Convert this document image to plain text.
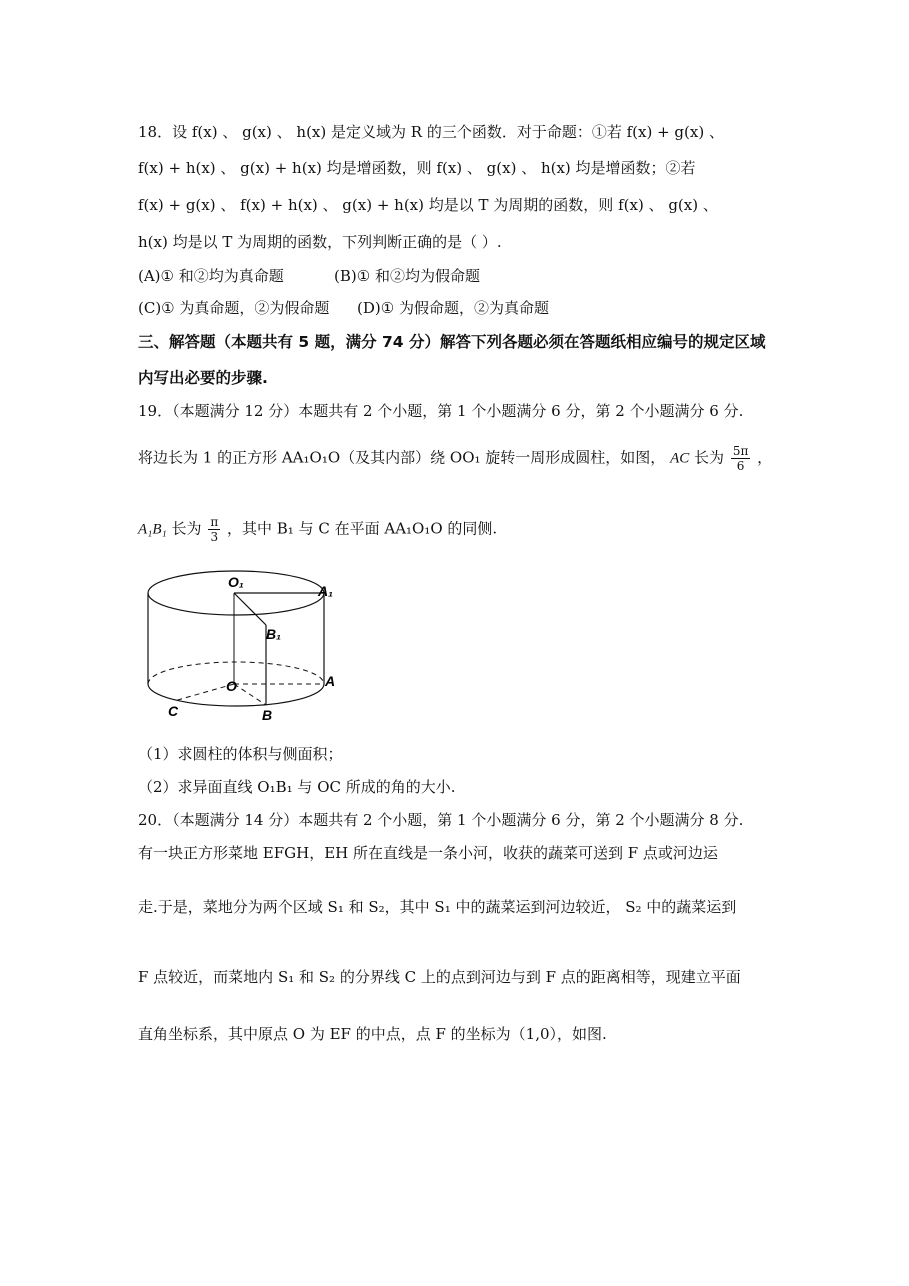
18．设 f(x) 、 g(x) 、 h(x) 是定义域为 R 的三个函数．对于命题：①若 f(x) + g(x) 、
f(x) + h(x) 、 g(x) + h(x) 均是增函数，则 f(x) 、 g(x) 、 h(x) 均是增函数；②若
f(x) + g(x) 、 f(x) + h(x) 、 g(x) + h(x) 均是以 T 为周期的函数，则 f(x) 、 g(x) 、
h(x) 均是以 T 为周期的函数，下列判断正确的是（ ）.
(A)① 和②均为真命题	(B)① 和②均为假命题
(C)① 为真命题，②为假命题 (D)① 为假命题，②为真命题
三、解答题（本题共有 5 题，满分 74 分）解答下列各题必须在答题纸相应编号的规定区域
内写出必要的步骤.
19．（本题满分 12 分）本题共有 2 个小题，第 1 个小题满分 6 分，第 2 个小题满分 6 分.
将边长为 1 的正方形 AA₁O₁O（及其内部）绕 OO₁ 旋转一周形成圆柱，如图， AC 长为 $\frac{5\pi}{6}$ ，
A₁B₁ 长为 $\frac{\pi}{3}$ ，其中 B₁ 与 C 在平面 AA₁O₁O 的同侧.
O₁
A₁
B₁
O	A
B
C
（1）求圆柱的体积与侧面积；
（2）求异面直线 O₁B₁ 与 OC 所成的角的大小.
20．（本题满分 14 分）本题共有 2 个小题，第 1 个小题满分 6 分，第 2 个小题满分 8 分.
有一块正方形菜地 EFGH，EH 所在直线是一条小河，收获的蔬菜可送到 F 点或河边运
走.于是，菜地分为两个区域 S₁ 和 S₂，其中 S₁ 中的蔬菜运到河边较近， S₂ 中的蔬菜运到
F 点较近，而菜地内 S₁ 和 S₂ 的分界线 C 上的点到河边与到 F 点的距离相等，现建立平面
直角坐标系，其中原点 O 为 EF 的中点，点 F 的坐标为（1,0），如图.
